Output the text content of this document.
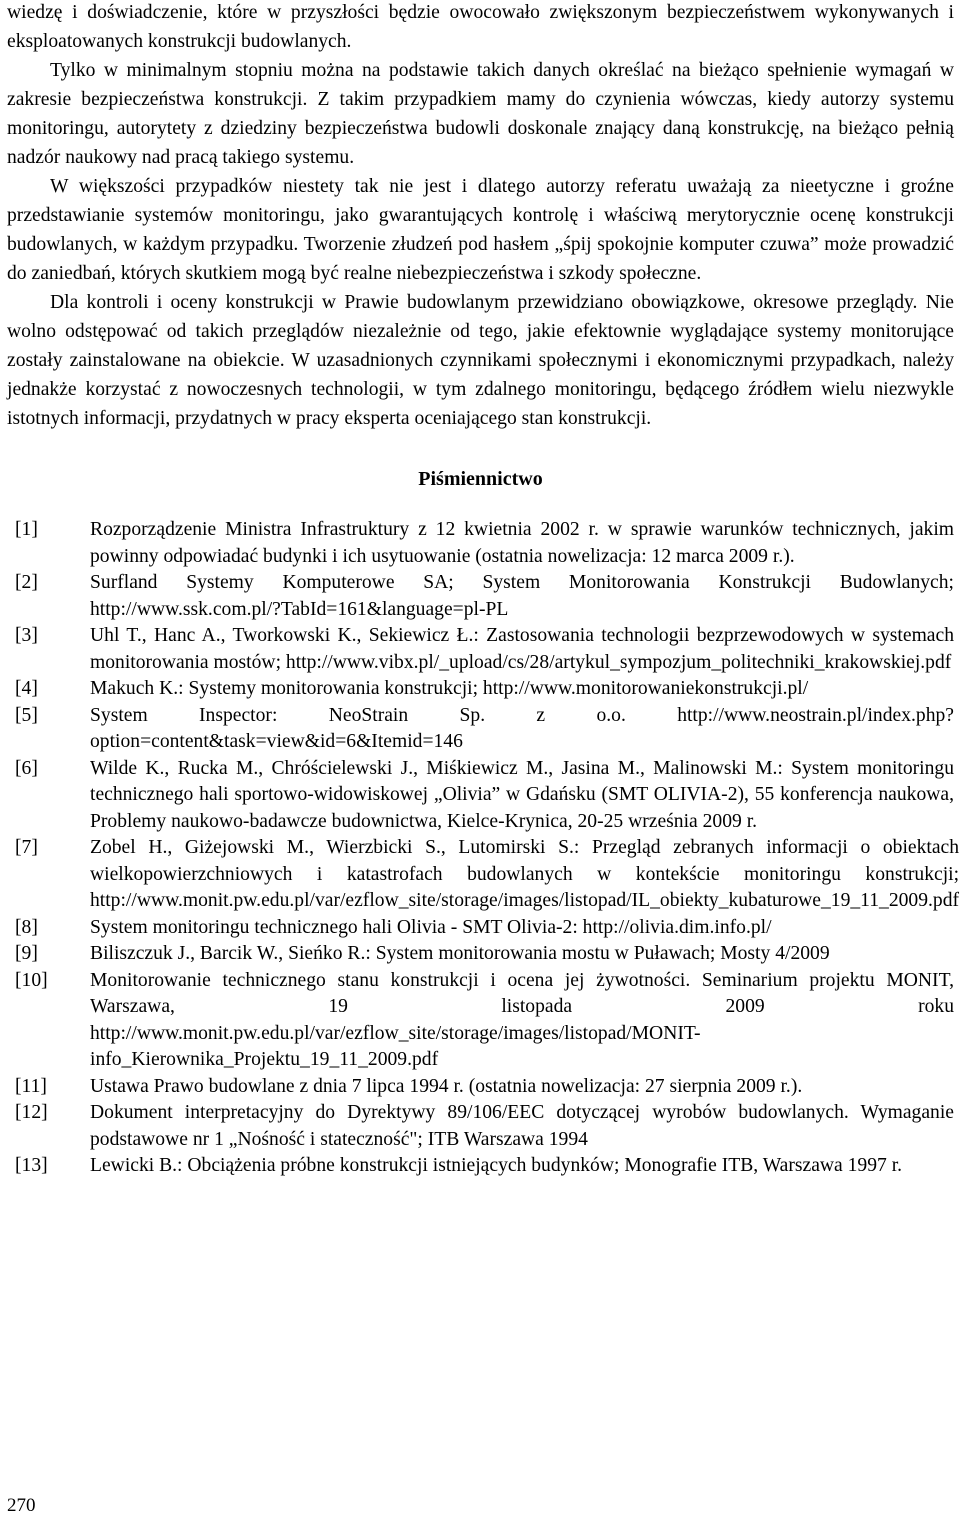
wiedzę i doświadczenie, które w przyszłości będzie owocowało zwiększonym bezpieczeństwem wykonywanych i eksploatowanych konstrukcji budowlanych.

Tylko w minimalnym stopniu można na podstawie takich danych określać na bieżąco spełnienie wymagań w zakresie bezpieczeństwa konstrukcji. Z takim przypadkiem mamy do czynienia wówczas, kiedy autorzy systemu monitoringu, autorytety z dziedziny bezpieczeństwa budowli doskonale znający daną konstrukcję, na bieżąco pełnią nadzór naukowy nad pracą takiego systemu.

W większości przypadków niestety tak nie jest i dlatego autorzy referatu uważają za nieetyczne i groźne przedstawianie systemów monitoringu, jako gwarantujących kontrolę i właściwą merytorycznie ocenę konstrukcji budowlanych, w każdym przypadku. Tworzenie złudzeń pod hasłem „śpij spokojnie komputer czuwa” może prowadzić do zaniedbań, których skutkiem mogą być realne niebezpieczeństwa i szkody społeczne.

Dla kontroli i oceny konstrukcji w Prawie budowlanym przewidziano obowiązkowe, okresowe przeglądy. Nie wolno odstępować od takich przeglądów niezależnie od tego, jakie efektownie wyglądające systemy monitorujące zostały zainstalowane na obiekcie. W uzasadnionych czynnikami społecznymi i ekonomicznymi przypadkach, należy jednakże korzystać z nowoczesnych technologii, w tym zdalnego monitoringu, będącego źródłem wielu niezwykle istotnych informacji, przydatnych w pracy eksperta oceniającego stan konstrukcji.

Piśmiennictwo
[1]	Rozporządzenie Ministra Infrastruktury z 12 kwietnia 2002 r. w sprawie warunków technicznych, jakim powinny odpowiadać budynki i ich usytuowanie (ostatnia nowelizacja: 12 marca 2009 r.).
[2]	Surfland Systemy Komputerowe SA; System Monitorowania Konstrukcji Budowlanych; http://www.ssk.com.pl/?TabId=161&language=pl-PL
[3]	Uhl T., Hanc A., Tworkowski K., Sekiewicz Ł.: Zastosowania technologii bezprzewodowych w systemach monitorowania mostów; http://www.vibx.pl/_upload/cs/28/artykul_sympozjum_politechniki_krakowskiej.pdf
[4]	Makuch K.: Systemy monitorowania konstrukcji; http://www.monitorowaniekonstrukcji.pl/
[5]	System Inspector: NeoStrain Sp. z o.o. http://www.neostrain.pl/index.php?option=content&task=view&id=6&Itemid=146
[6]	Wilde K., Rucka M., Chróścielewski J., Miśkiewicz M., Jasina M., Malinowski M.: System monitoringu technicznego hali sportowo-widowiskowej „Olivia” w Gdańsku (SMT OLIVIA-2), 55 konferencja naukowa, Problemy naukowo-badawcze budownictwa, Kielce-Krynica, 20-25 września 2009 r.
[7]	Zobel H., Giżejowski M., Wierzbicki S., Lutomirski S.: Przegląd zebranych informacji o obiektach wielkopowierzchniowych i katastrofach budowlanych w kontekście monitoringu konstrukcji; http://www.monit.pw.edu.pl/var/ezflow_site/storage/images/listopad/IL_obiekty_kubaturowe_19_11_2009.pdf
[8]	System monitoringu technicznego hali Olivia - SMT Olivia-2: http://olivia.dim.info.pl/
[9]	Biliszczuk J., Barcik W., Sieńko R.: System monitorowania mostu w Puławach; Mosty 4/2009
[10]	Monitorowanie technicznego stanu konstrukcji i ocena jej żywotności. Seminarium projektu MONIT, Warszawa, 19 listopada 2009 roku http://www.monit.pw.edu.pl/var/ezflow_site/storage/images/listopad/MONIT-info_Kierownika_Projektu_19_11_2009.pdf
[11]	Ustawa Prawo budowlane z dnia 7 lipca 1994 r. (ostatnia nowelizacja: 27 sierpnia 2009 r.).
[12]	Dokument interpretacyjny do Dyrektywy 89/106/EEC dotyczącej wyrobów budowlanych. Wymaganie podstawowe nr 1 „Nośność i stateczność"; ITB Warszawa 1994
[13]	Lewicki B.: Obciążenia próbne konstrukcji istniejących budynków; Monografie ITB, Warszawa 1997 r.
270
